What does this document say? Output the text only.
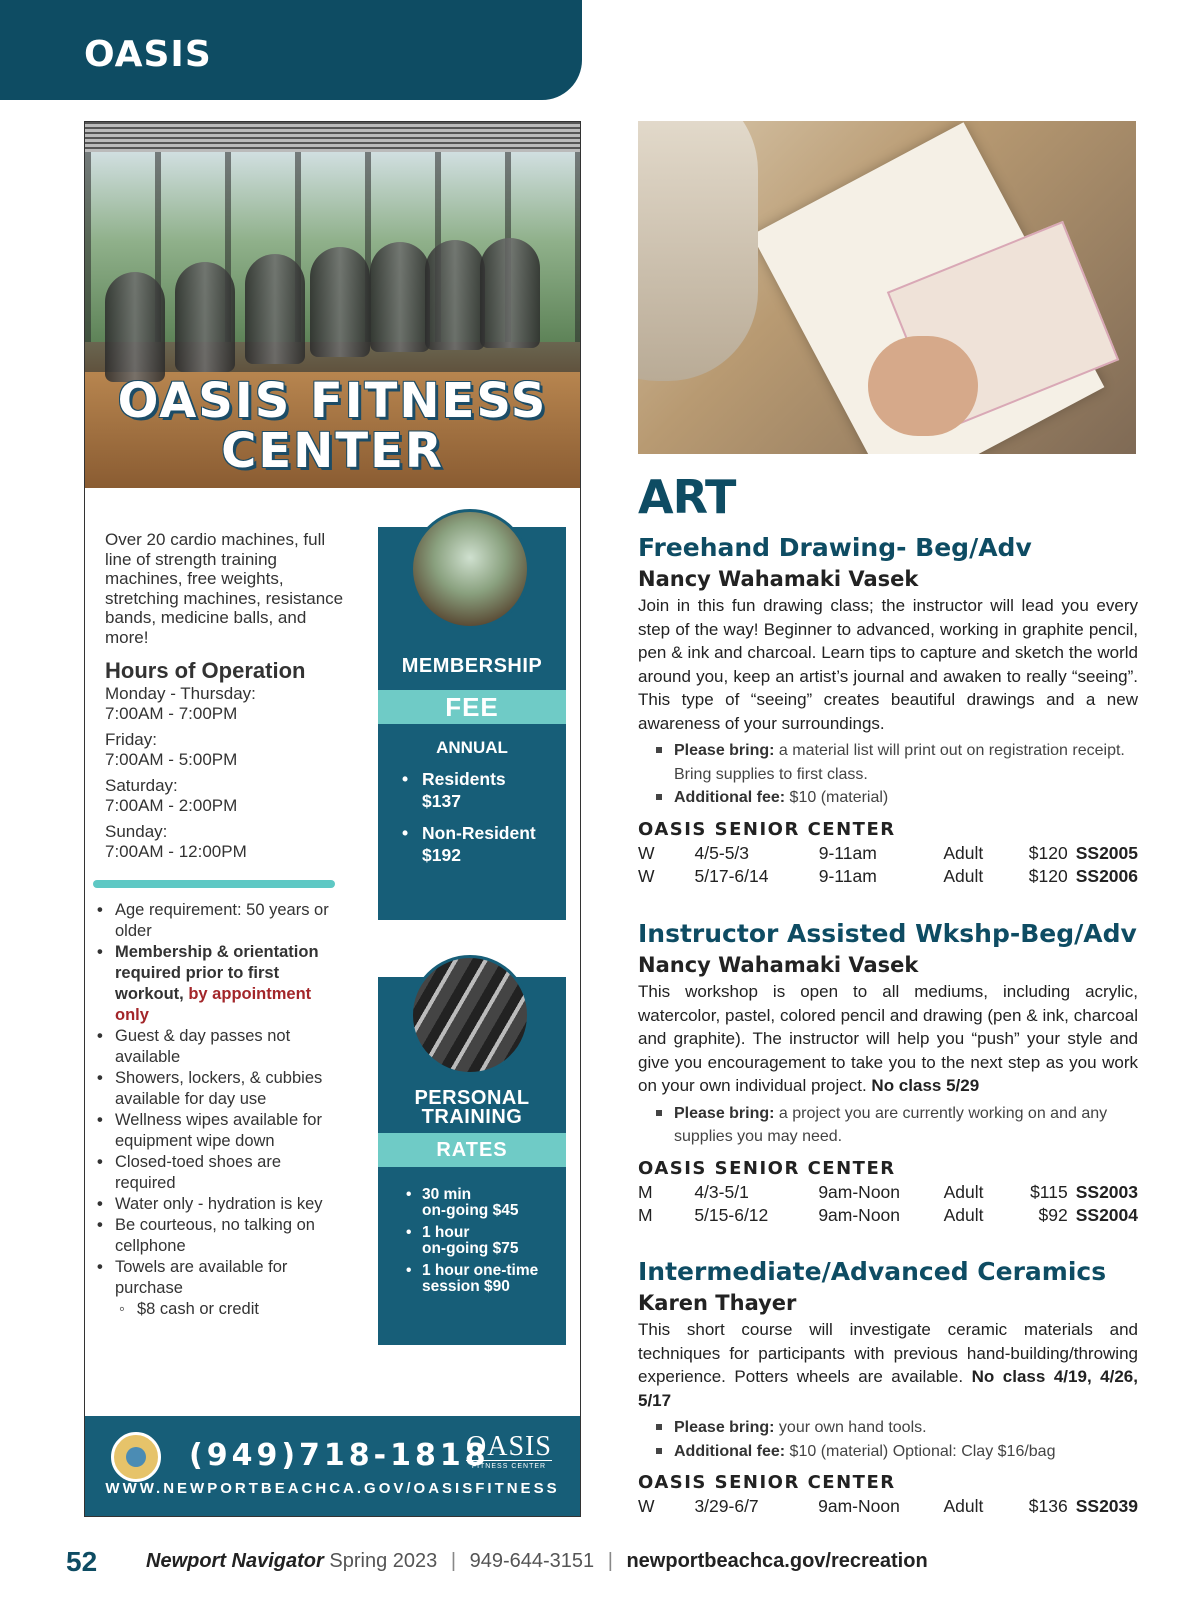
OASIS
OASIS FITNESS
CENTER
Over 20 cardio machines, full line of strength training machines, free weights, stretching machines, resistance bands, medicine balls, and more!
Hours of Operation
Monday - Thursday:
7:00AM - 7:00PM
Friday:
7:00AM - 5:00PM
Saturday:
7:00AM - 2:00PM
Sunday:
7:00AM - 12:00PM
• Age requirement: 50 years or older
• Membership & orientation required prior to first workout, by appointment only
• Guest & day passes not available
• Showers, lockers, & cubbies available for day use
• Wellness wipes available for equipment wipe down
• Closed-toed shoes are required
• Water only - hydration is key
• Be courteous, no talking on cellphone
• Towels are available for purchase
◦ $8 cash or credit
MEMBERSHIP
FEE
ANNUAL
• Residents
$137
• Non-Resident
$192
PERSONAL
TRAINING
RATES
• 30 min
on-going $45
• 1 hour
on-going $75
• 1 hour one-time
session $90
(949)718-1818
OASIS
FITNESS CENTER
WWW.NEWPORTBEACHCA.GOV/OASISFITNESS
ART
Freehand Drawing- Beg/Adv
Nancy Wahamaki Vasek
Join in this fun drawing class; the instructor will lead you every step of the way! Beginner to advanced, working in graphite pencil, pen & ink and charcoal. Learn tips to capture and sketch the world around you, keep an artist’s journal and awaken to really “seeing”. This type of “seeing” creates beautiful drawings and a new awareness of your surroundings.
Please bring: a material list will print out on registration receipt. Bring supplies to first class.
Additional fee: $10 (material)
OASIS SENIOR CENTER
W	4/5-5/3	9-11am	Adult	$120	SS2005
W	5/17-6/14	9-11am	Adult	$120	SS2006
Instructor Assisted Wkshp-Beg/Adv
Nancy Wahamaki Vasek
This workshop is open to all mediums, including acrylic, watercolor, pastel, colored pencil and drawing (pen & ink, charcoal and graphite). The instructor will help you “push” your style and give you encouragement to take you to the next step as you work on your own individual project. No class 5/29
Please bring: a project you are currently working on and any supplies you may need.
OASIS SENIOR CENTER
M	4/3-5/1	9am-Noon	Adult	$115	SS2003
M	5/15-6/12	9am-Noon	Adult	$92	SS2004
Intermediate/Advanced Ceramics
Karen Thayer
This short course will investigate ceramic materials and techniques for participants with previous hand-building/throwing experience. Potters wheels are available. No class 4/19, 4/26, 5/17
Please bring: your own hand tools.
Additional fee: $10 (material) Optional: Clay $16/bag
OASIS SENIOR CENTER
W	3/29-6/7	9am-Noon	Adult	$136	SS2039
52 Newport Navigator Spring 2023 | 949-644-3151 | newportbeachca.gov/recreation
